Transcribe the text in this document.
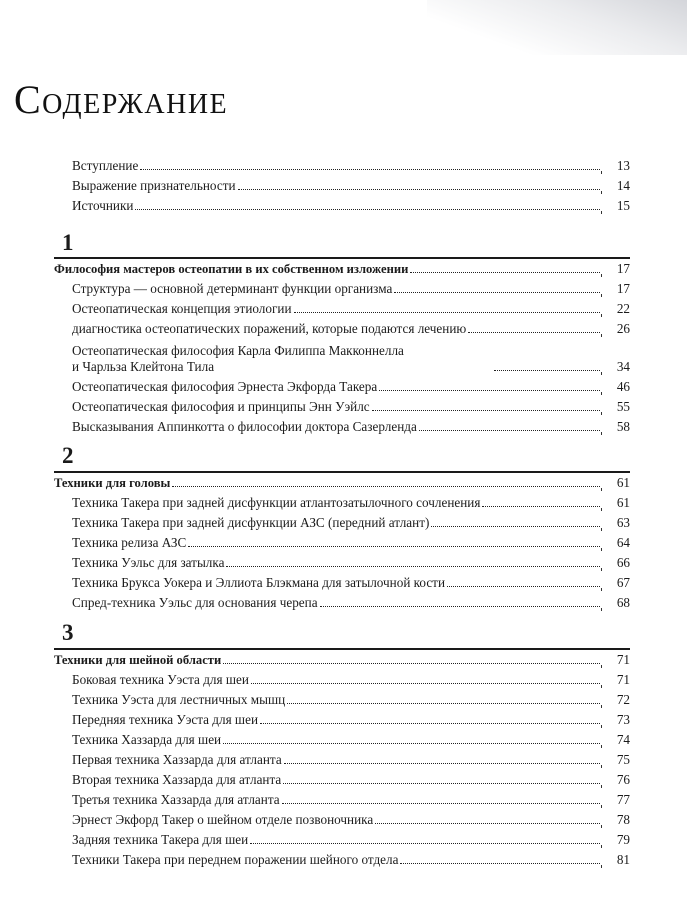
Содержание
Вступление	13
Выражение признательности	14
Источники	15
1
Философия мастеров остеопатии в их собственном изложении	17
Структура — основной детерминант функции организма	17
Остеопатическая концепция этиологии	22
диагностика остеопатических поражений, которые подаются лечению	26
Остеопатическая философия Карла Филиппа Макконнелла
и Чарльза Клейтона Тила	34
Остеопатическая философия Эрнеста Экфорда Такера	46
Остеопатическая философия и принципы Энн Уэйлс	55
Высказывания Аппинкотта о философии доктора Сазерленда	58
2
Техники для головы	61
Техника Такера при задней дисфункции атлантозатылочного сочленения	61
Техника Такера при задней дисфункции АЗС (передний атлант)	63
Техника релиза АЗС	64
Техника Уэльс для затылка	66
Техника Брукса Уокера и Эллиота Блэкмана для затылочной кости	67
Спред-техника Уэльс для основания черепа	68
3
Техники для шейной области	71
Боковая техника Уэста для шеи	71
Техника Уэста для лестничных мышц	72
Передняя техника Уэста для шеи	73
Техника Хаззарда для шеи	74
Первая техника Хаззарда для атланта	75
Вторая техника Хаззарда для атланта	76
Третья техника Хаззарда для атланта	77
Эрнест Экфорд Такер о шейном отделе позвоночника	78
Задняя техника Такера для шеи	79
Техники Такера при переднем поражении шейного отдела	81
